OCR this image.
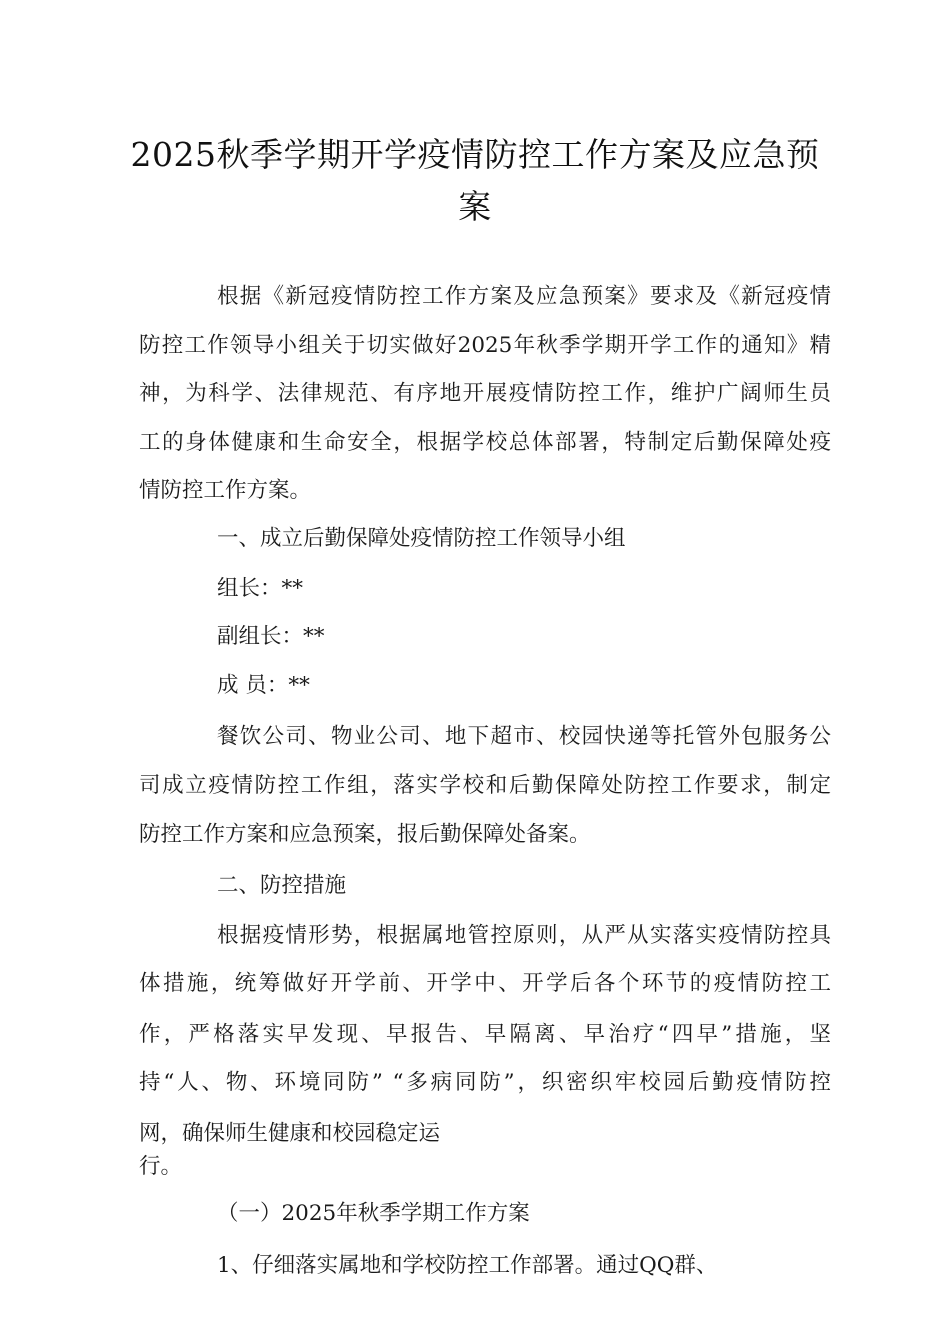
2025秋季学期开学疫情防控工作方案及应急预
案
根据《新冠疫情防控工作方案及应急预案》要求及《新冠疫情
防控工作领导小组关于切实做好2025年秋季学期开学工作的通知》精
神，为科学、法律规范、有序地开展疫情防控工作，维护广阔师生员
工的身体健康和生命安全，根据学校总体部署，特制定后勤保障处疫
情防控工作方案。
一、成立后勤保障处疫情防控工作领导小组
组长：**
副组长：**
成 员：**
餐饮公司、物业公司、地下超市、校园快递等托管外包服务公
司成立疫情防控工作组，落实学校和后勤保障处防控工作要求，制定
防控工作方案和应急预案，报后勤保障处备案。
二、防控措施
根据疫情形势，根据属地管控原则，从严从实落实疫情防控具
体措施，统筹做好开学前、开学中、开学后各个环节的疫情防控工
作，严格落实早发现、早报告、早隔离、早治疗“四早”措施，坚
持“人、物、环境同防” “多病同防”，织密织牢校园后勤疫情防控
网，确保师生健康和校园稳定运
行。
（一）2025年秋季学期工作方案
1、仔细落实属地和学校防控工作部署。通过QQ群、
